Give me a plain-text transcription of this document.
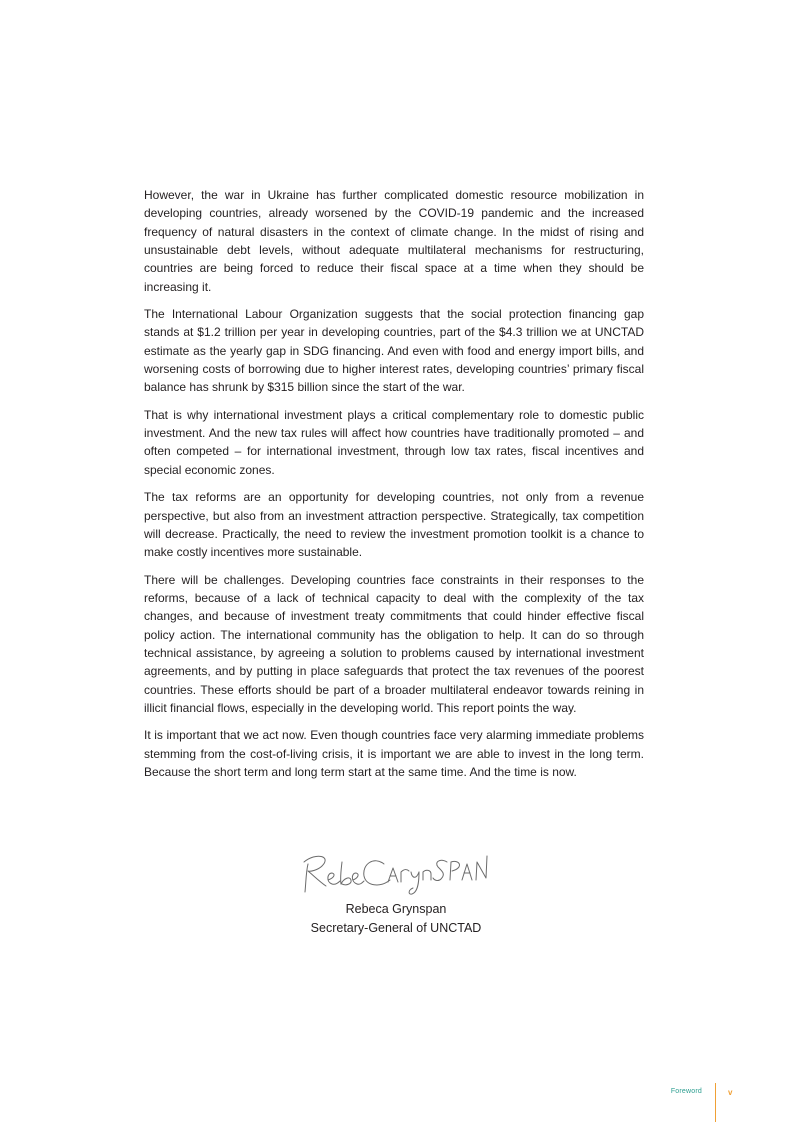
However, the war in Ukraine has further complicated domestic resource mobilization in developing countries, already worsened by the COVID-19 pandemic and the increased frequency of natural disasters in the context of climate change. In the midst of rising and unsustainable debt levels, without adequate multilateral mechanisms for restructuring, countries are being forced to reduce their fiscal space at a time when they should be increasing it.

The International Labour Organization suggests that the social protection financing gap stands at $1.2 trillion per year in developing countries, part of the $4.3 trillion we at UNCTAD estimate as the yearly gap in SDG financing. And even with food and energy import bills, and worsening costs of borrowing due to higher interest rates, developing countries’ primary fiscal balance has shrunk by $315 billion since the start of the war.

That is why international investment plays a critical complementary role to domestic public investment. And the new tax rules will affect how countries have traditionally promoted – and often competed – for international investment, through low tax rates, fiscal incentives and special economic zones.

The tax reforms are an opportunity for developing countries, not only from a revenue perspective, but also from an investment attraction perspective. Strategically, tax competition will decrease. Practically, the need to review the investment promotion toolkit is a chance to make costly incentives more sustainable.

There will be challenges. Developing countries face constraints in their responses to the reforms, because of a lack of technical capacity to deal with the complexity of the tax changes, and because of investment treaty commitments that could hinder effective fiscal policy action. The international community has the obligation to help. It can do so through technical assistance, by agreeing a solution to problems caused by international investment agreements, and by putting in place safeguards that protect the tax revenues of the poorest countries. These efforts should be part of a broader multilateral endeavor towards reining in illicit financial flows, especially in the developing world. This report points the way.

It is important that we act now. Even though countries face very alarming immediate problems stemming from the cost-of-living crisis, it is important we are able to invest in the long term. Because the short term and long term start at the same time. And the time is now.

Rebeca Grynspan
Secretary-General of UNCTAD
Foreword	v
